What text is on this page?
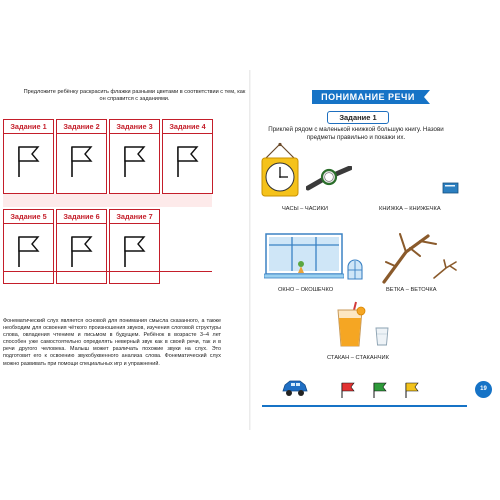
Предложите ребёнку раскрасить флажки разными цветами в соответствии с тем, как он справится с заданиями.
Задание 1	Задание 2	Задание 3	Задание 4
Задание 5	Задание 6	Задание 7
Фонематический слух является основой для понимания смысла сказанного, а также необходим для освоения чёткого произношения звуков, изучения слоговой структуры слова, овладения чтением и письмом в будущем. Ребёнок в возрасте 3–4 лет способен уже самостоятельно определять неверный звук как в своей речи, так и в речи другого человека. Малыш может различать похожие звуки на слух. Это подготовит его к освоению звукобуквенного анализа слова. Фонематический слух можно развивать при помощи специальных игр и упражнений.
ПОНИМАНИЕ РЕЧИ
Задание 1
Приклей рядом с маленькой книжкой большую книгу. Назови предметы правильно и покажи их.
ЧАСЫ – ЧАСИКИ	КНИЖКА – КНИЖЕЧКА
ОКНО – ОКОШЕЧКО	ВЕТКА – ВЕТОЧКА
СТАКАН – СТАКАНЧИК
19
